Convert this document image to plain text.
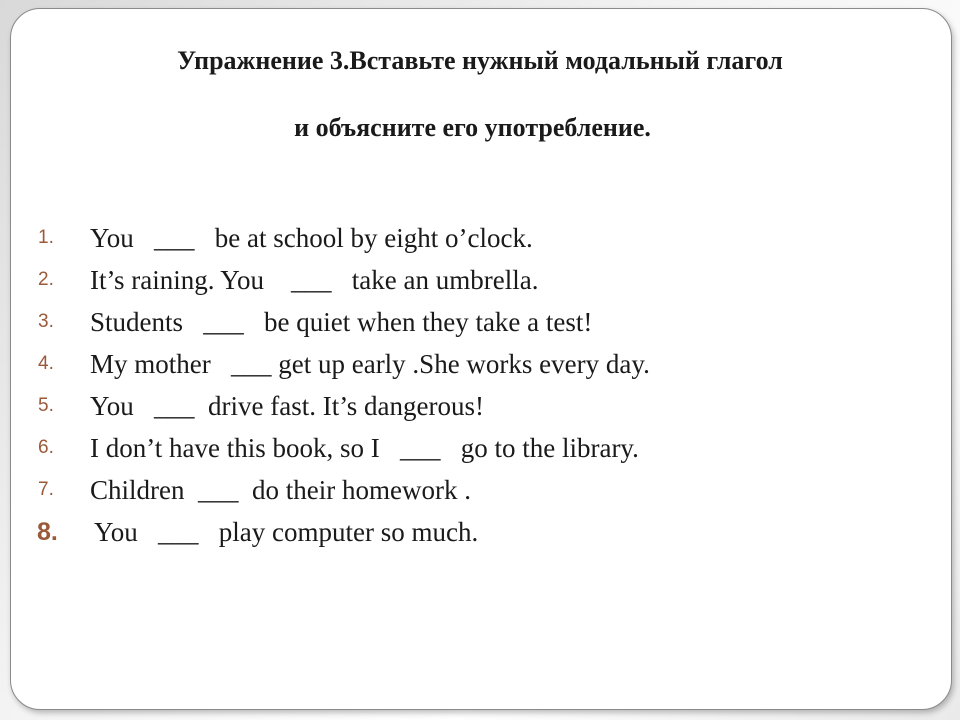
Упражнение 3.Вставьте нужный модальный глагол
и объясните его употребление.
1. You   ___   be at school by eight o’clock.
2. It’s raining. You    ___   take an umbrella.
3. Students   ___   be quiet when they take a test!
4. My mother   ___ get up early .She works every day.
5. You   ___  drive fast. It’s dangerous!
6. I don’t have this book, so I   ___   go to the library.
7. Children  ___  do their homework .
8. You   ___   play computer so much.
